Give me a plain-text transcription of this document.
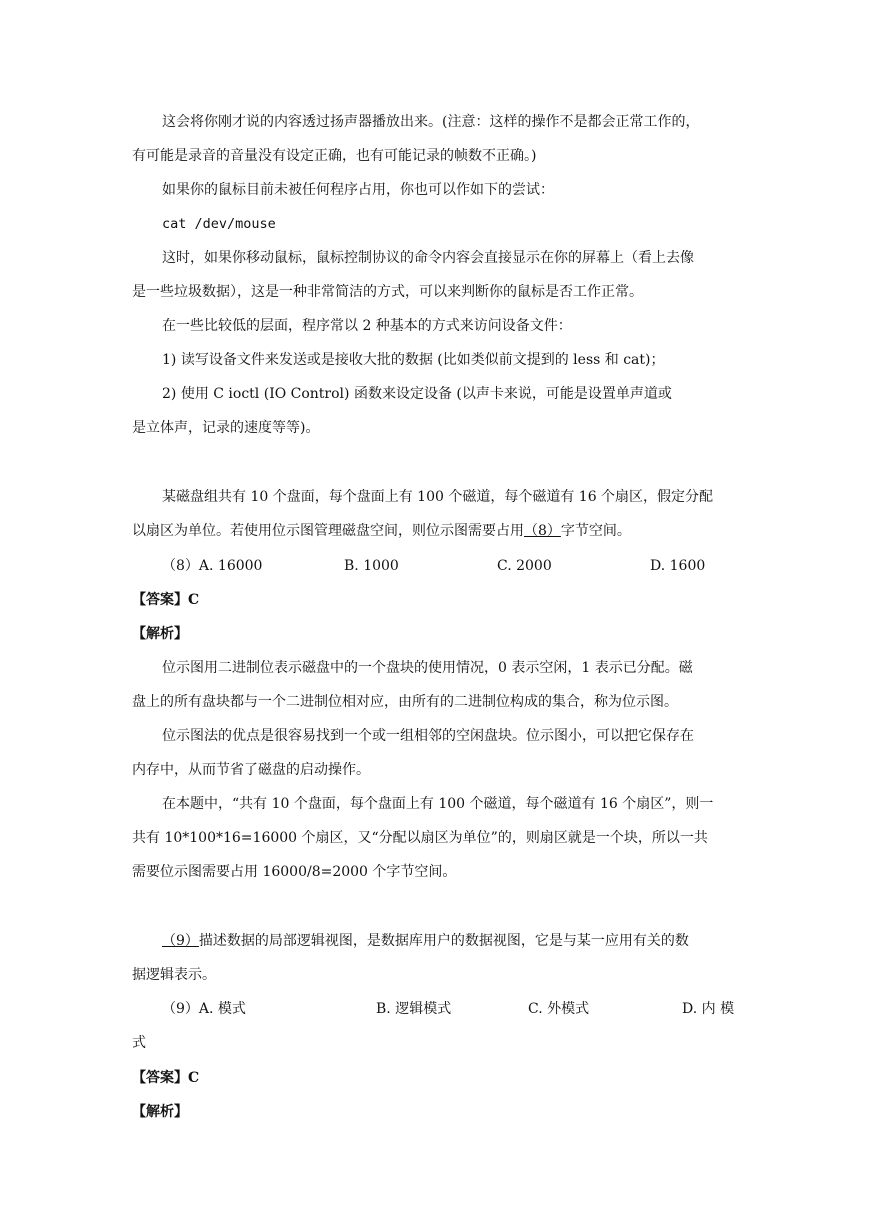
这会将你刚才说的内容透过扬声器播放出来。(注意：这样的操作不是都会正常工作的，

有可能是录音的音量没有设定正确，也有可能记录的帧数不正确。)

如果你的鼠标目前未被任何程序占用，你也可以作如下的尝试：

cat /dev/mouse

这时，如果你移动鼠标，鼠标控制协议的命令内容会直接显示在你的屏幕上（看上去像

是一些垃圾数据），这是一种非常简洁的方式，可以来判断你的鼠标是否工作正常。

在一些比较低的层面，程序常以 2 种基本的方式来访问设备文件：

1) 读写设备文件来发送或是接收大批的数据 (比如类似前文提到的 less 和 cat)；

2) 使用 C ioctl (IO Control) 函数来设定设备 (以声卡来说，可能是设置单声道或

是立体声，记录的速度等等)。

某磁盘组共有 10 个盘面，每个盘面上有 100 个磁道，每个磁道有 16 个扇区，假定分配

以扇区为单位。若使用位示图管理磁盘空间，则位示图需要占用（8）字节空间。

（8）A. 16000	B. 1000	C. 2000	D. 1600

【答案】C

【解析】

位示图用二进制位表示磁盘中的一个盘块的使用情况，0 表示空闲，1 表示已分配。磁

盘上的所有盘块都与一个二进制位相对应，由所有的二进制位构成的集合，称为位示图。

位示图法的优点是很容易找到一个或一组相邻的空闲盘块。位示图小，可以把它保存在

内存中，从而节省了磁盘的启动操作。

在本题中，“共有 10 个盘面，每个盘面上有 100 个磁道，每个磁道有 16 个扇区”，则一

共有 10*100*16=16000 个扇区，又“分配以扇区为单位”的，则扇区就是一个块，所以一共

需要位示图需要占用 16000/8=2000 个字节空间。

（9）描述数据的局部逻辑视图，是数据库用户的数据视图，它是与某一应用有关的数

据逻辑表示。

（9）A. 模式	B. 逻辑模式	C. 外模式	D. 内 模

式

【答案】C

【解析】
